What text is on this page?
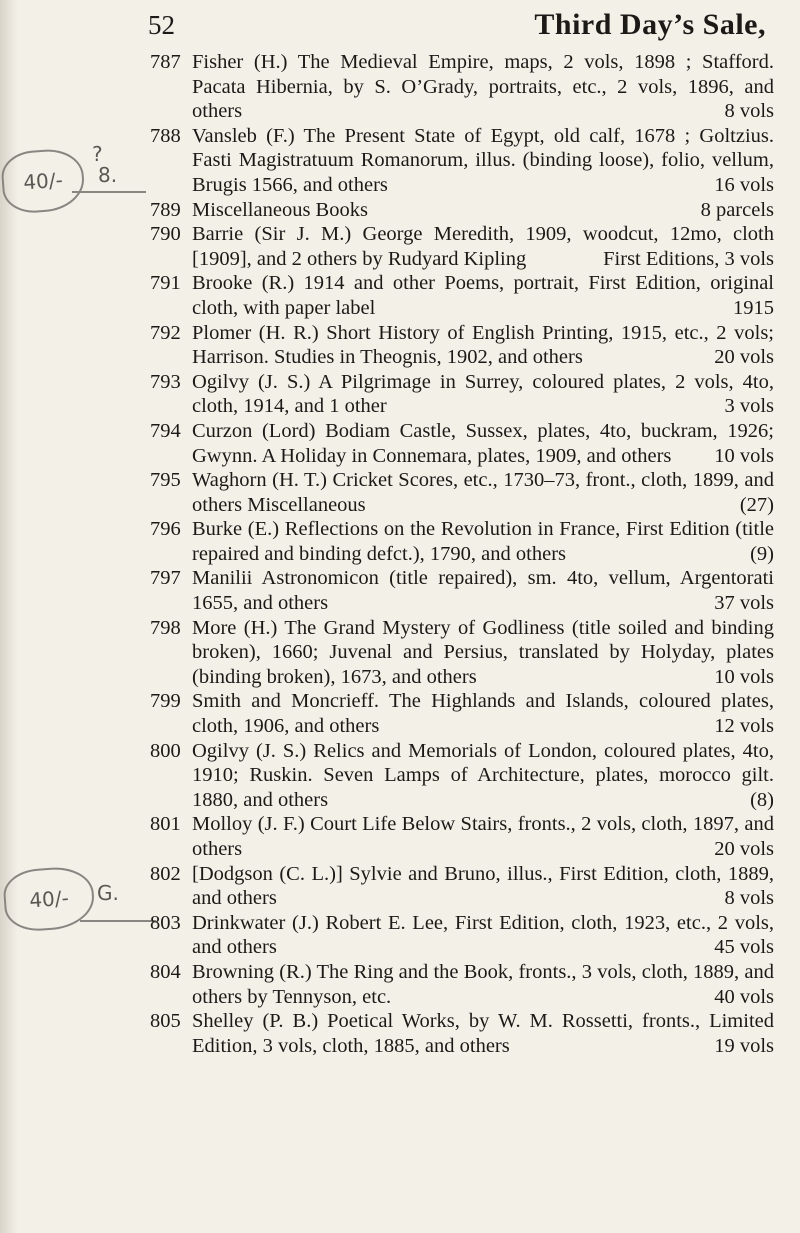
52	Third Day’s Sale,
40/-
?
8.
40/-	G.
787 Fisher (H.) The Medieval Empire, maps, 2 vols, 1898 ; Stafford. Pacata Hibernia, by S. O’Grady, portraits, etc., 2 vols, 1896, and others	8 vols
788 Vansleb (F.) The Present State of Egypt, old calf, 1678 ; Goltzius. Fasti Magistratuum Romanorum, illus. (binding loose), folio, vellum, Brugis 1566, and others	16 vols
789 Miscellaneous Books	8 parcels
790 Barrie (Sir J. M.) George Meredith, 1909, woodcut, 12mo, cloth [1909], and 2 others by Rudyard Kipling	First Editions, 3 vols
791 Brooke (R.) 1914 and other Poems, portrait, First Edition, original cloth, with paper label	1915
792 Plomer (H. R.) Short History of English Printing, 1915, etc., 2 vols; Harrison. Studies in Theognis, 1902, and others	20 vols
793 Ogilvy (J. S.) A Pilgrimage in Surrey, coloured plates, 2 vols, 4to, cloth, 1914, and 1 other	3 vols
794 Curzon (Lord) Bodiam Castle, Sussex, plates, 4to, buckram, 1926; Gwynn. A Holiday in Connemara, plates, 1909, and others	10 vols
795 Waghorn (H. T.) Cricket Scores, etc., 1730–73, front., cloth, 1899, and others Miscellaneous	(27)
796 Burke (E.) Reflections on the Revolution in France, First Edition (title repaired and binding defct.), 1790, and others	(9)
797 Manilii Astronomicon (title repaired), sm. 4to, vellum, Argentorati 1655, and others	37 vols
798 More (H.) The Grand Mystery of Godliness (title soiled and binding broken), 1660; Juvenal and Persius, translated by Holyday, plates (binding broken), 1673, and others	10 vols
799 Smith and Moncrieff. The Highlands and Islands, coloured plates, cloth, 1906, and others	12 vols
800 Ogilvy (J. S.) Relics and Memorials of London, coloured plates, 4to, 1910; Ruskin. Seven Lamps of Architecture, plates, morocco gilt. 1880, and others	(8)
801 Molloy (J. F.) Court Life Below Stairs, fronts., 2 vols, cloth, 1897, and others	20 vols
802 [Dodgson (C. L.)] Sylvie and Bruno, illus., First Edition, cloth, 1889, and others	8 vols
803 Drinkwater (J.) Robert E. Lee, First Edition, cloth, 1923, etc., 2 vols, and others	45 vols
804 Browning (R.) The Ring and the Book, fronts., 3 vols, cloth, 1889, and others by Tennyson, etc.	40 vols
805 Shelley (P. B.) Poetical Works, by W. M. Rossetti, fronts., Limited Edition, 3 vols, cloth, 1885, and others	19 vols
